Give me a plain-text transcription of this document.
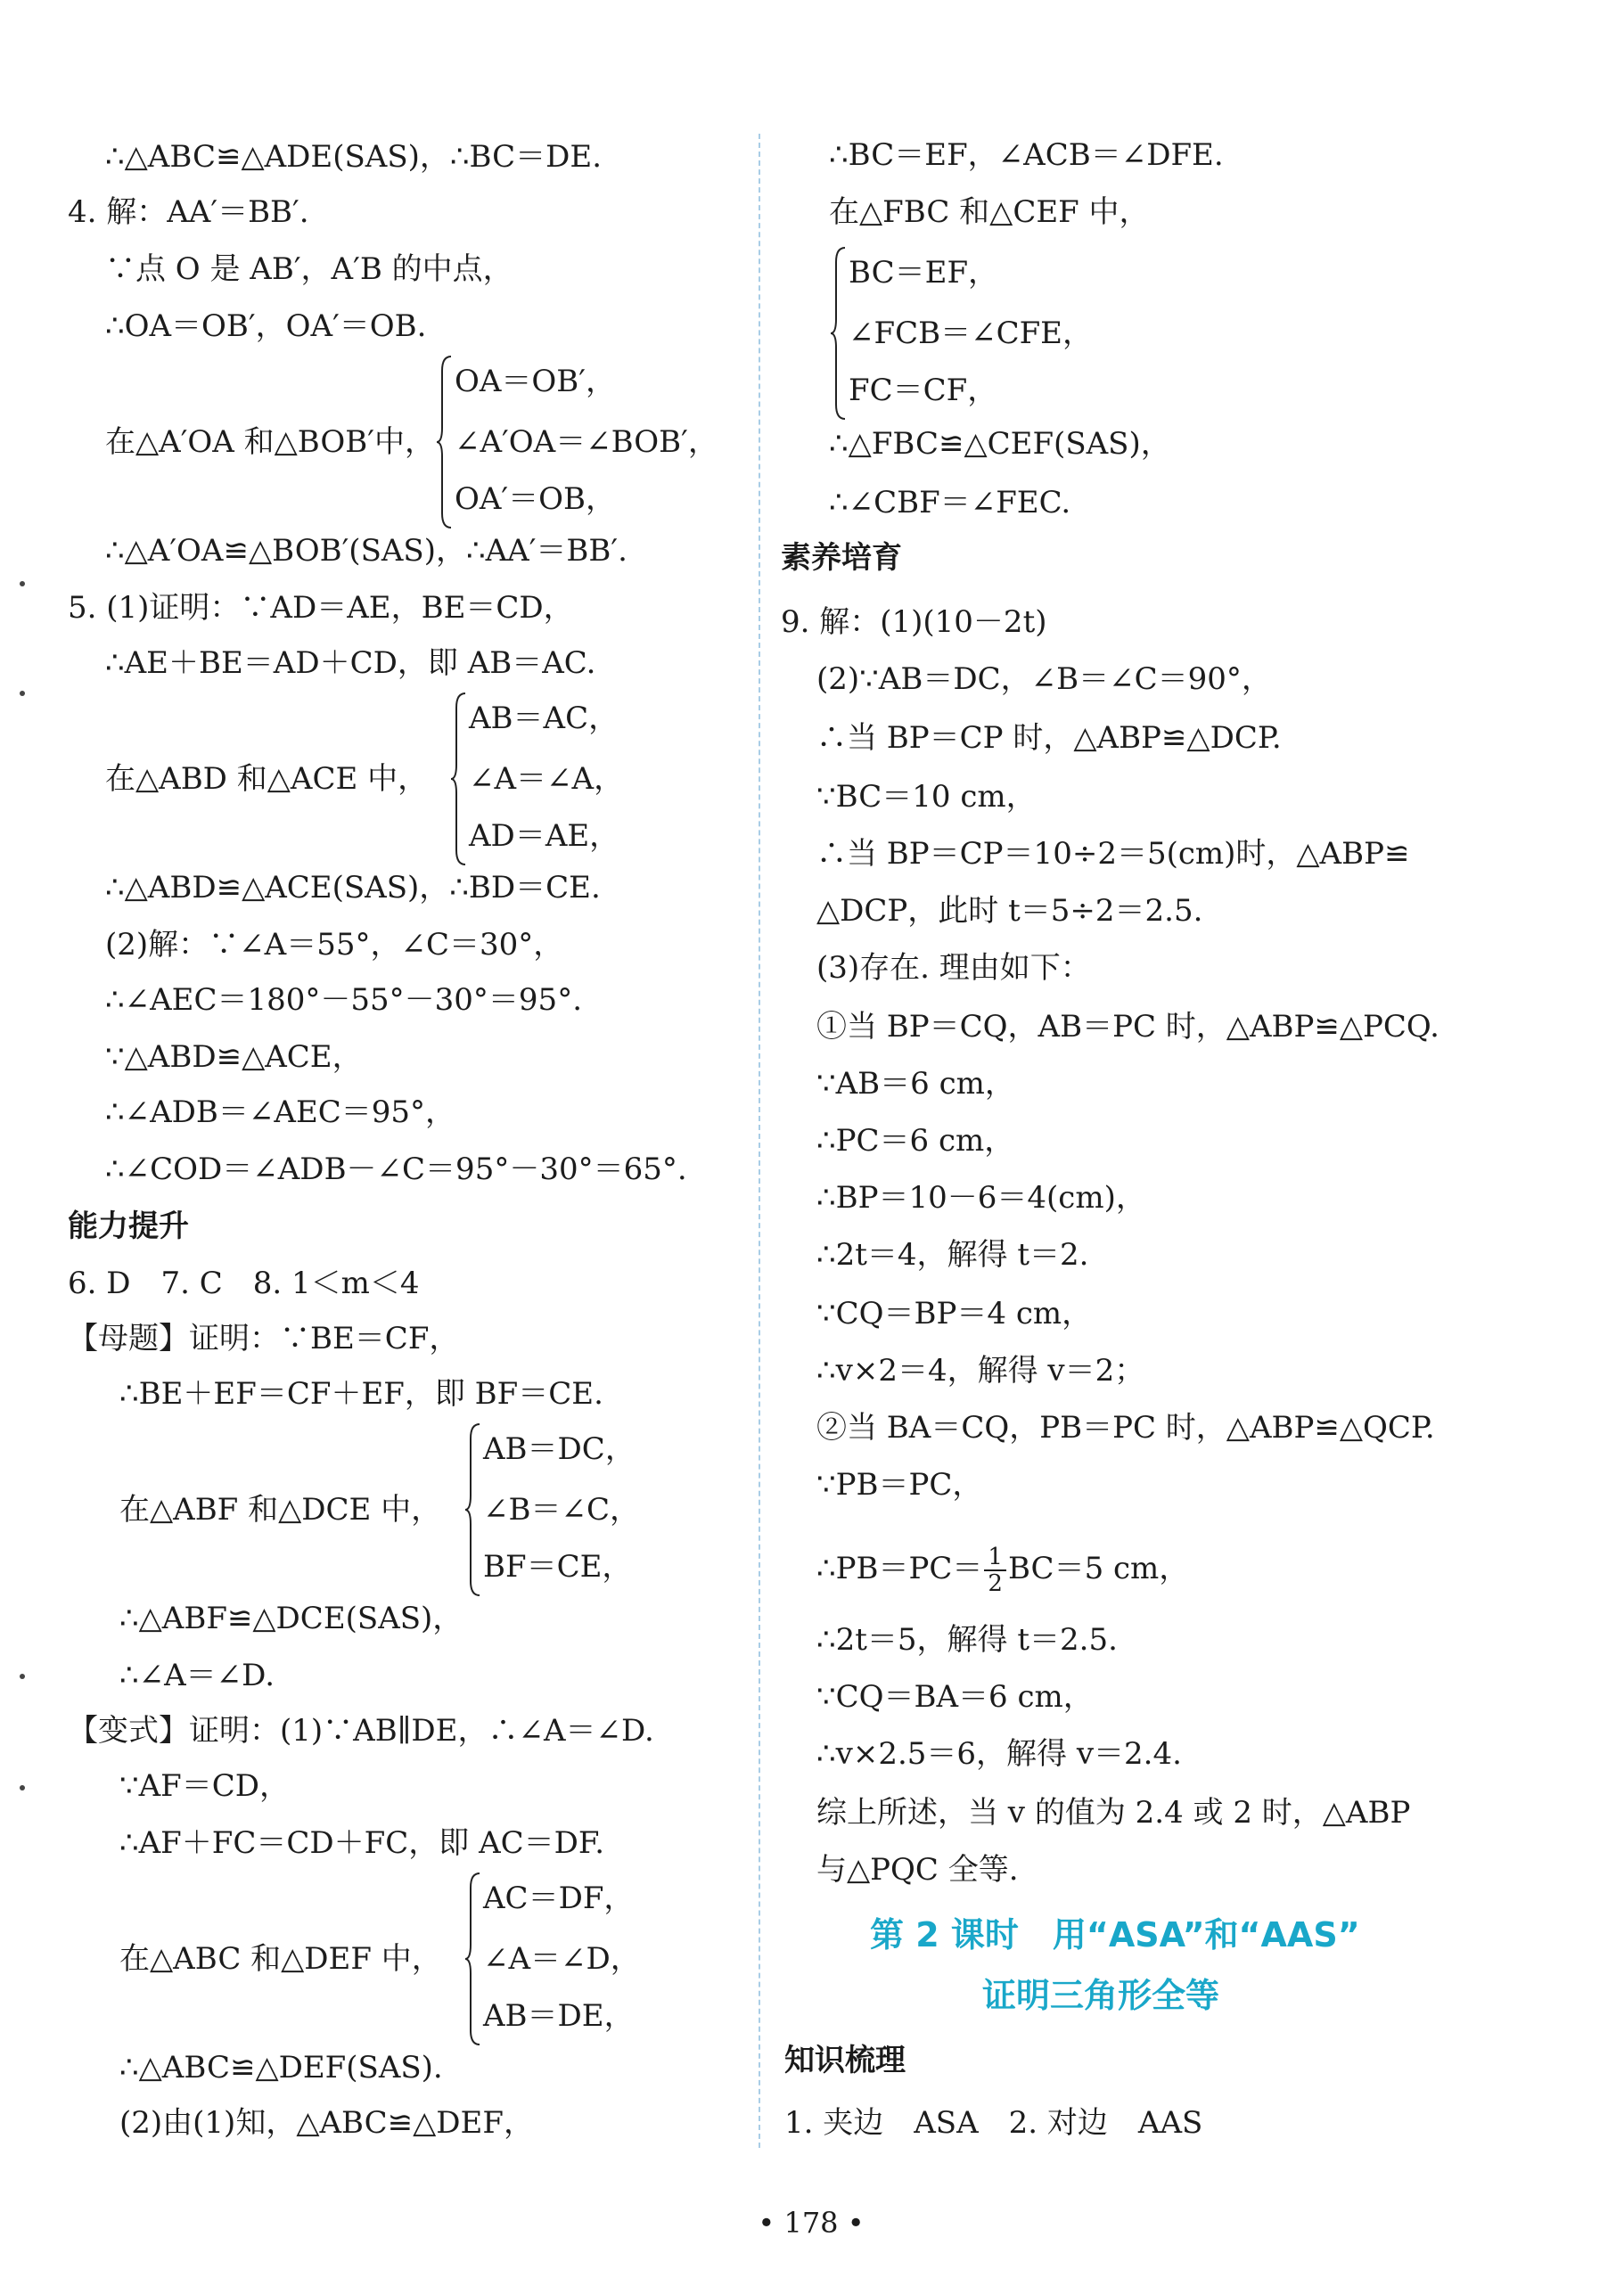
∴△ABC≌△ADE(SAS)，∴BC＝DE.
4. 解：AA′＝BB′.
∵点 O 是 AB′，A′B 的中点，
∴OA＝OB′，OA′＝OB.
在△A′OA 和△BOB′中，
OA＝OB′，
∠A′OA＝∠BOB′，
OA′＝OB，
∴△A′OA≌△BOB′(SAS)，∴AA′＝BB′.
5. (1)证明：∵AD＝AE，BE＝CD，
∴AE＋BE＝AD＋CD，即 AB＝AC.
在△ABD 和△ACE 中，
AB＝AC，
∠A＝∠A，
AD＝AE，
∴△ABD≌△ACE(SAS)，∴BD＝CE.
(2)解：∵∠A＝55°，∠C＝30°，
∴∠AEC＝180°－55°－30°＝95°.
∵△ABD≌△ACE，
∴∠ADB＝∠AEC＝95°，
∴∠COD＝∠ADB－∠C＝95°－30°＝65°.
能力提升
6. D　7. C　8. 1＜m＜4
【母题】证明：∵BE＝CF，
∴BE＋EF＝CF＋EF，即 BF＝CE.
在△ABF 和△DCE 中，
AB＝DC，
∠B＝∠C，
BF＝CE，
∴△ABF≌△DCE(SAS)，
∴∠A＝∠D.
【变式】证明：(1)∵AB∥DE，∴∠A＝∠D.
∵AF＝CD，
∴AF＋FC＝CD＋FC，即 AC＝DF.
在△ABC 和△DEF 中，
AC＝DF，
∠A＝∠D，
AB＝DE，
∴△ABC≌△DEF(SAS).
(2)由(1)知，△ABC≌△DEF，
∴BC＝EF，∠ACB＝∠DFE.
在△FBC 和△CEF 中，
BC＝EF，
∠FCB＝∠CFE，
FC＝CF，
∴△FBC≌△CEF(SAS)，
∴∠CBF＝∠FEC.
素养培育
9. 解：(1)(10－2t)
(2)∵AB＝DC，∠B＝∠C＝90°，
∴当 BP＝CP 时，△ABP≌△DCP.
∵BC＝10 cm，
∴当 BP＝CP＝10÷2＝5(cm)时，△ABP≌
△DCP，此时 t＝5÷2＝2.5.
(3)存在. 理由如下：
①当 BP＝CQ，AB＝PC 时，△ABP≌△PCQ.
∵AB＝6 cm，
∴PC＝6 cm，
∴BP＝10－6＝4(cm)，
∴2t＝4，解得 t＝2.
∵CQ＝BP＝4 cm，
∴v×2＝4，解得 v＝2；
②当 BA＝CQ，PB＝PC 时，△ABP≌△QCP.
∵PB＝PC，
∴PB＝PC＝ $\frac{1}{2} BC=5$ cm，
∴2t＝5，解得 t＝2.5.
∵CQ＝BA＝6 cm，
∴v×2.5＝6，解得 v＝2.4.
综上所述，当 v 的值为 2.4 或 2 时，△ABP
与△PQC 全等.
第 2 课时　用“ASA”和“AAS”
证明三角形全等
知识梳理
1. 夹边　ASA　2. 对边　AAS
• 178 •
